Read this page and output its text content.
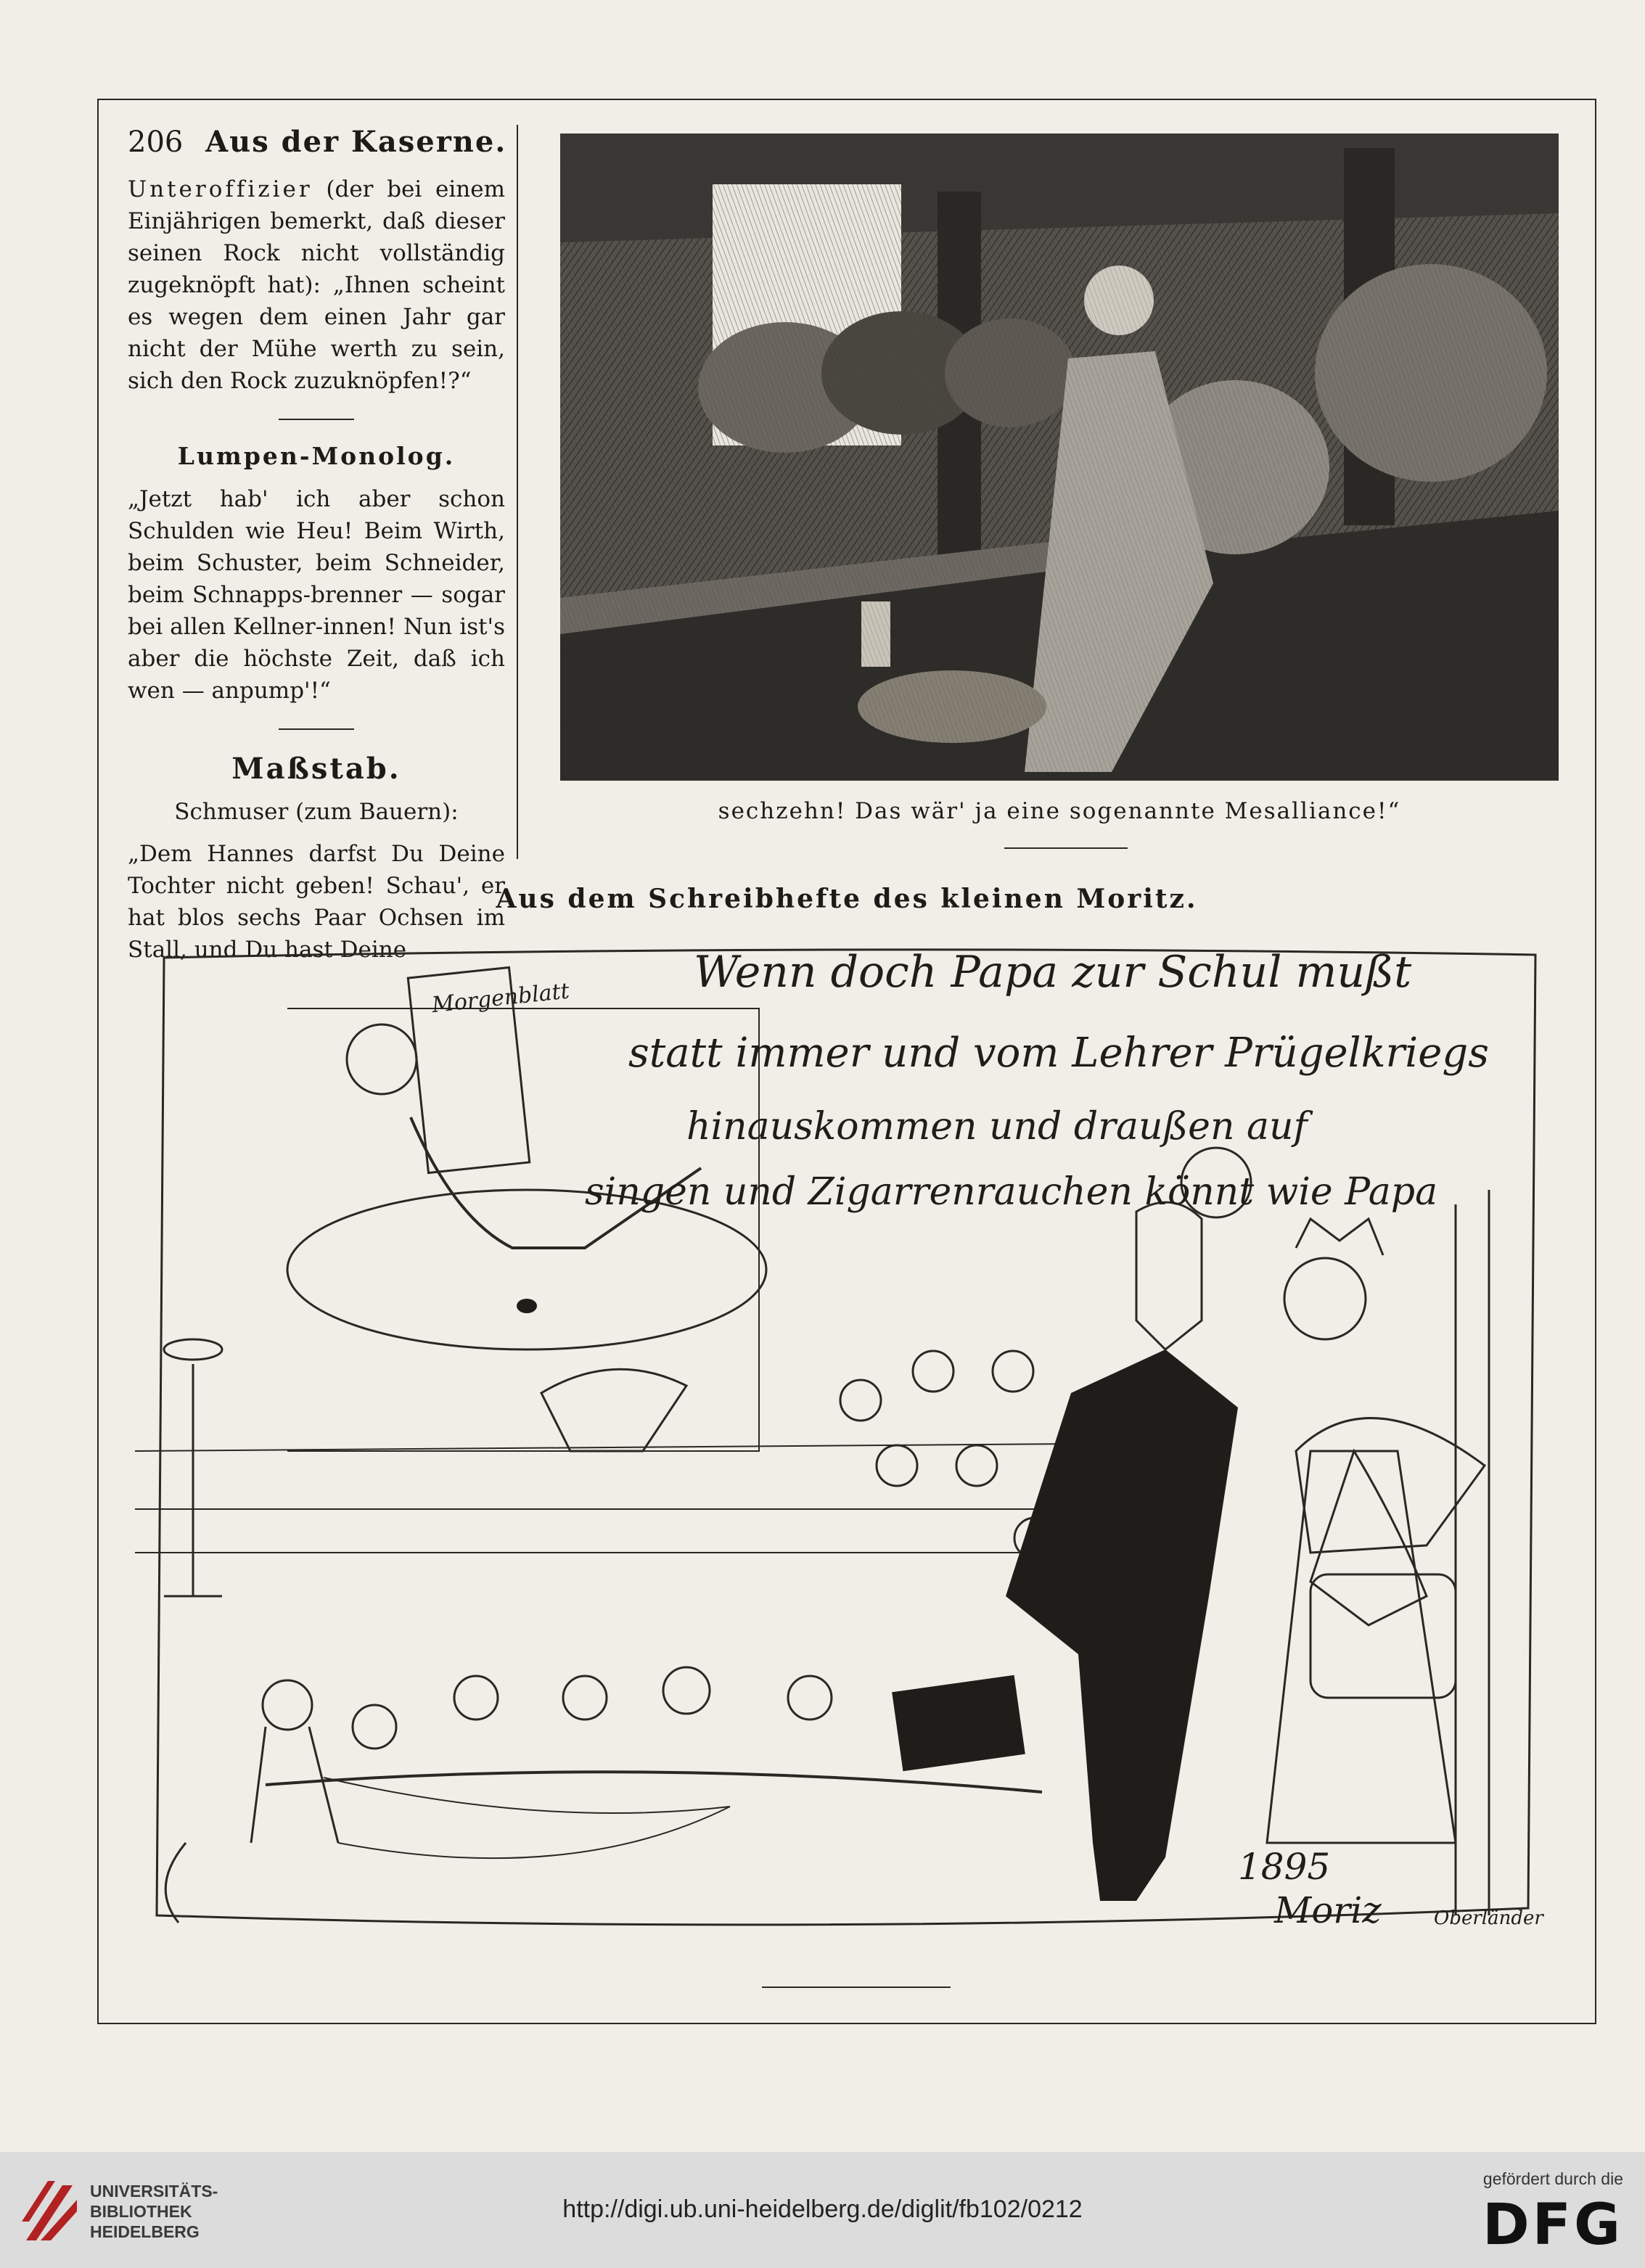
206 Aus der Kaserne.

Unteroffizier (der bei einem Einjährigen bemerkt, daß dieser seinen Rock nicht vollständig zugeknöpft hat): „Ihnen scheint es wegen dem einen Jahr gar nicht der Mühe werth zu sein, sich den Rock zuzuknöpfen!?“

Lumpen-Monolog.

„Jetzt hab' ich aber schon Schulden wie Heu! Beim Wirth, beim Schuster, beim Schneider, beim Schnapps-brenner — sogar bei allen Kellner-innen! Nun ist's aber die höchste Zeit, daß ich wen — anpump'!“

Maßstab.
Schmuser (zum Bauern):

„Dem Hannes darfst Du Deine Tochter nicht geben! Schau', er hat blos sechs Paar Ochsen im Stall, und Du hast Deine

sechzehn! Das wär' ja eine sogenannte Mesalliance!“
Aus dem Schreibhefte des kleinen Moritz.
Wenn doch Papa zur Schul mußt
statt immer und vom Lehrer Prügelkriegs
hinauskommen und draußen auf
singen und Zigarrenrauchen könnt wie Papa
Morgenblatt
1895
Moriz	Oberländer
UNIVERSITÄTS-
BIBLIOTHEK
HEIDELBERG
http://digi.ub.uni-heidelberg.de/diglit/fb102/0212
gefördert durch die
DFG
